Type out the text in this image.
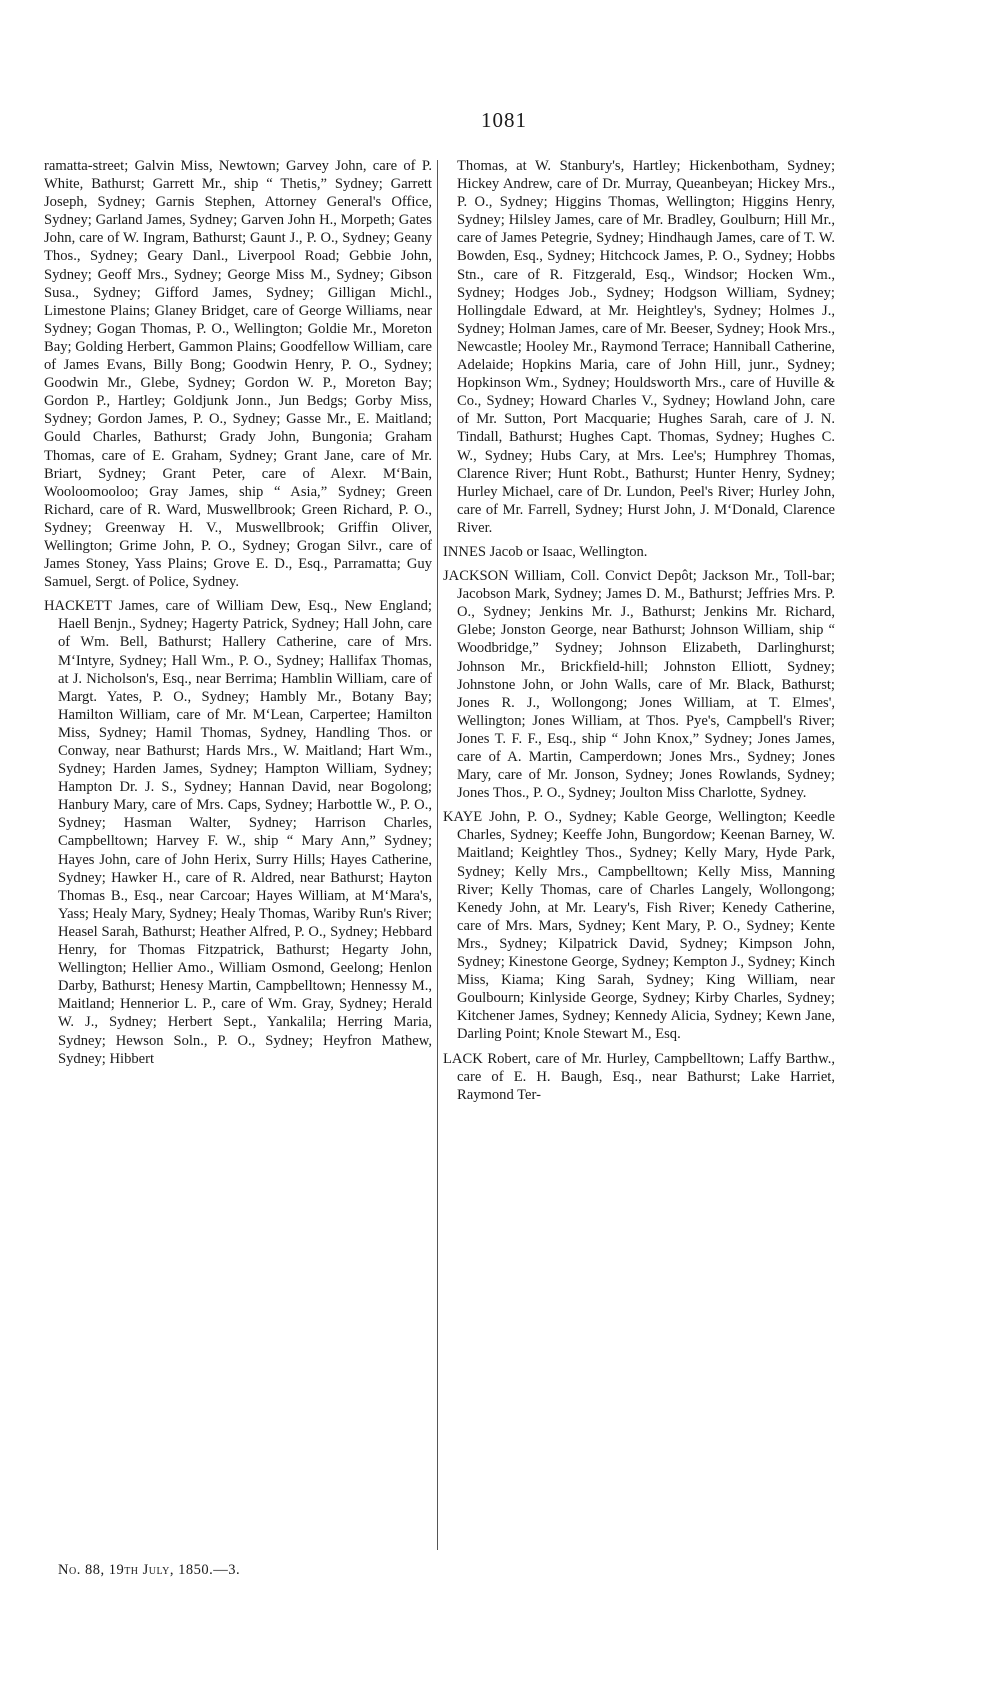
1081

ramatta-street; Galvin Miss, Newtown; Garvey John, care of P. White, Bathurst; Garrett Mr., ship “ Thetis,” Sydney; Garrett Joseph, Sydney; Garnis Stephen, Attorney General's Office, Sydney; Garland James, Sydney; Garven John H., Morpeth; Gates John, care of W. Ingram, Bathurst; Gaunt J., P. O., Sydney; Geany Thos., Sydney; Geary Danl., Liverpool Road; Gebbie John, Sydney; Geoff Mrs., Sydney; George Miss M., Sydney; Gibson Susa., Sydney; Gifford James, Sydney; Gilligan Michl., Limestone Plains; Glaney Bridget, care of George Williams, near Sydney; Gogan Thomas, P. O., Wellington; Goldie Mr., Moreton Bay; Golding Herbert, Gammon Plains; Goodfellow William, care of James Evans, Billy Bong; Goodwin Henry, P. O., Sydney; Goodwin Mr., Glebe, Sydney; Gordon W. P., Moreton Bay; Gordon P., Hartley; Goldjunk Jonn., Jun Bedgs; Gorby Miss, Sydney; Gordon James, P. O., Sydney; Gasse Mr., E. Maitland; Gould Charles, Bathurst; Grady John, Bungonia; Graham Thomas, care of E. Graham, Sydney; Grant Jane, care of Mr. Briart, Sydney; Grant Peter, care of Alexr. M‘Bain, Wooloomooloo; Gray James, ship “ Asia,” Sydney; Green Richard, care of R. Ward, Muswellbrook; Green Richard, P. O., Sydney; Greenway H. V., Muswellbrook; Griffin Oliver, Wellington; Grime John, P. O., Sydney; Grogan Silvr., care of James Stoney, Yass Plains; Grove E. D., Esq., Parramatta; Guy Samuel, Sergt. of Police, Sydney.

HACKETT James, care of William Dew, Esq., New England; Haell Benjn., Sydney; Hagerty Patrick, Sydney; Hall John, care of Wm. Bell, Bathurst; Hallery Catherine, care of Mrs. M‘Intyre, Sydney; Hall Wm., P. O., Sydney; Hallifax Thomas, at J. Nicholson's, Esq., near Berrima; Hamblin William, care of Margt. Yates, P. O., Sydney; Hambly Mr., Botany Bay; Hamilton William, care of Mr. M‘Lean, Carpertee; Hamilton Miss, Sydney; Hamil Thomas, Sydney, Handling Thos. or Conway, near Bathurst; Hards Mrs., W. Maitland; Hart Wm., Sydney; Harden James, Sydney; Hampton William, Sydney; Hampton Dr. J. S., Sydney; Hannan David, near Bogolong; Hanbury Mary, care of Mrs. Caps, Sydney; Harbottle W., P. O., Sydney; Hasman Walter, Sydney; Harrison Charles, Campbelltown; Harvey F. W., ship “ Mary Ann,” Sydney; Hayes John, care of John Herix, Surry Hills; Hayes Catherine, Sydney; Hawker H., care of R. Aldred, near Bathurst; Hayton Thomas B., Esq., near Carcoar; Hayes William, at M‘Mara's, Yass; Healy Mary, Sydney; Healy Thomas, Wariby Run's River; Heasel Sarah, Bathurst; Heather Alfred, P. O., Sydney; Hebbard Henry, for Thomas Fitzpatrick, Bathurst; Hegarty John, Wellington; Hellier Amo., William Osmond, Geelong; Henlon Darby, Bathurst; Henesy Martin, Campbelltown; Hennessy M., Maitland; Hennerior L. P., care of Wm. Gray, Sydney; Herald W. J., Sydney; Herbert Sept., Yankalila; Herring Maria, Sydney; Hewson Soln., P. O., Sydney; Heyfron Mathew, Sydney; Hibbert

Thomas, at W. Stanbury's, Hartley; Hickenbotham, Sydney; Hickey Andrew, care of Dr. Murray, Queanbeyan; Hickey Mrs., P. O., Sydney; Higgins Thomas, Wellington; Higgins Henry, Sydney; Hilsley James, care of Mr. Bradley, Goulburn; Hill Mr., care of James Petegrie, Sydney; Hindhaugh James, care of T. W. Bowden, Esq., Sydney; Hitchcock James, P. O., Sydney; Hobbs Stn., care of R. Fitzgerald, Esq., Windsor; Hocken Wm., Sydney; Hodges Job., Sydney; Hodgson William, Sydney; Hollingdale Edward, at Mr. Heightley's, Sydney; Holmes J., Sydney; Holman James, care of Mr. Beeser, Sydney; Hook Mrs., Newcastle; Hooley Mr., Raymond Terrace; Hanniball Catherine, Adelaide; Hopkins Maria, care of John Hill, junr., Sydney; Hopkinson Wm., Sydney; Houldsworth Mrs., care of Huville & Co., Sydney; Howard Charles V., Sydney; Howland John, care of Mr. Sutton, Port Macquarie; Hughes Sarah, care of J. N. Tindall, Bathurst; Hughes Capt. Thomas, Sydney; Hughes C. W., Sydney; Hubs Cary, at Mrs. Lee's; Humphrey Thomas, Clarence River; Hunt Robt., Bathurst; Hunter Henry, Sydney; Hurley Michael, care of Dr. Lundon, Peel's River; Hurley John, care of Mr. Farrell, Sydney; Hurst John, J. M‘Donald, Clarence River.

INNES Jacob or Isaac, Wellington.

JACKSON William, Coll. Convict Depôt; Jackson Mr., Toll-bar; Jacobson Mark, Sydney; James D. M., Bathurst; Jeffries Mrs. P. O., Sydney; Jenkins Mr. J., Bathurst; Jenkins Mr. Richard, Glebe; Jonston George, near Bathurst; Johnson William, ship “ Woodbridge,” Sydney; Johnson Elizabeth, Darlinghurst; Johnson Mr., Brickfield-hill; Johnston Elliott, Sydney; Johnstone John, or John Walls, care of Mr. Black, Bathurst; Jones R. J., Wollongong; Jones William, at T. Elmes', Wellington; Jones William, at Thos. Pye's, Campbell's River; Jones T. F. F., Esq., ship “ John Knox,” Sydney; Jones James, care of A. Martin, Camperdown; Jones Mrs., Sydney; Jones Mary, care of Mr. Jonson, Sydney; Jones Rowlands, Sydney; Jones Thos., P. O., Sydney; Joulton Miss Charlotte, Sydney.

KAYE John, P. O., Sydney; Kable George, Wellington; Keedle Charles, Sydney; Keeffe John, Bungordow; Keenan Barney, W. Maitland; Keightley Thos., Sydney; Kelly Mary, Hyde Park, Sydney; Kelly Mrs., Campbelltown; Kelly Miss, Manning River; Kelly Thomas, care of Charles Langely, Wollongong; Kenedy John, at Mr. Leary's, Fish River; Kenedy Catherine, care of Mrs. Mars, Sydney; Kent Mary, P. O., Sydney; Kente Mrs., Sydney; Kilpatrick David, Sydney; Kimpson John, Sydney; Kinestone George, Sydney; Kempton J., Sydney; Kinch Miss, Kiama; King Sarah, Sydney; King William, near Goulbourn; Kinlyside George, Sydney; Kirby Charles, Sydney; Kitchener James, Sydney; Kennedy Alicia, Sydney; Kewn Jane, Darling Point; Knole Stewart M., Esq.

LACK Robert, care of Mr. Hurley, Campbelltown; Laffy Barthw., care of E. H. Baugh, Esq., near Bathurst; Lake Harriet, Raymond Ter-

No. 88, 19th July, 1850.—3.
